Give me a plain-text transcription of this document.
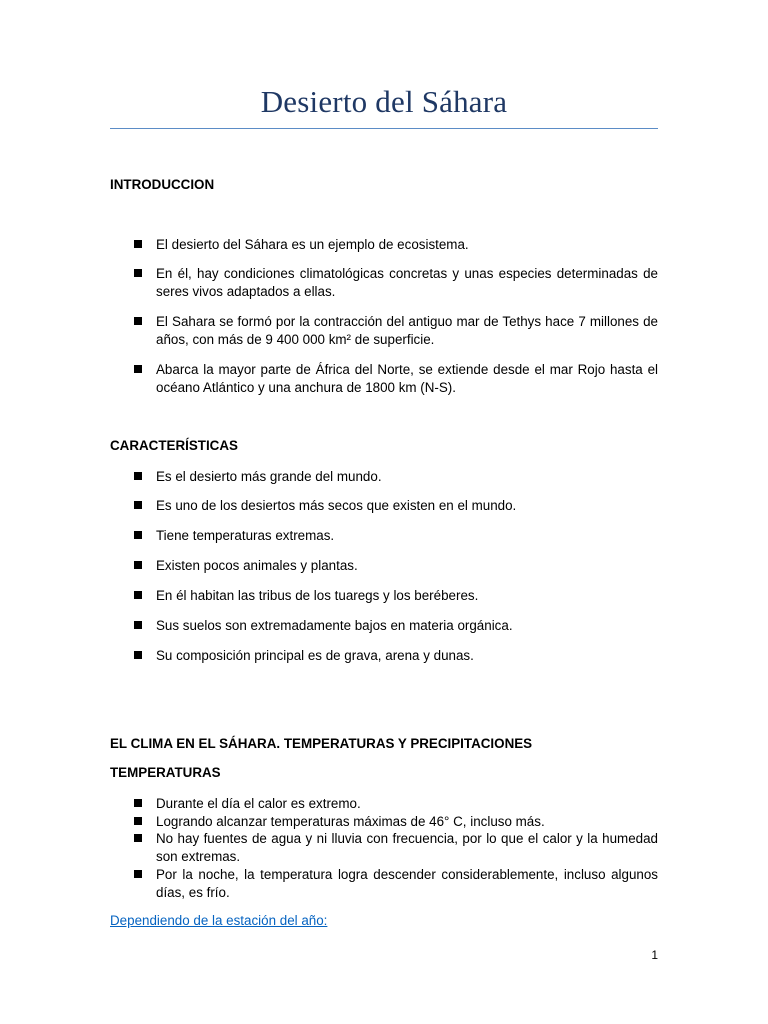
Desierto del Sáhara
INTRODUCCION
El desierto del Sáhara es un ejemplo de ecosistema.
En él, hay condiciones climatológicas concretas y unas especies determinadas de seres vivos adaptados a ellas.
El Sahara se formó por la contracción del antiguo mar de Tethys hace 7 millones de años, con más de 9 400 000 km² de superficie.
Abarca la mayor parte de África del Norte, se extiende desde el mar Rojo hasta el océano Atlántico y una anchura de 1800 km (N-S).
CARACTERÍSTICAS
Es el desierto más grande del mundo.
Es uno de los desiertos más secos que existen en el mundo.
Tiene temperaturas extremas.
Existen pocos animales y plantas.
En él habitan las tribus de los tuaregs y los beréberes.
Sus suelos son extremadamente bajos en materia orgánica.
Su composición principal es de grava, arena y dunas.
EL CLIMA EN EL SÁHARA. TEMPERATURAS Y PRECIPITACIONES
TEMPERATURAS
Durante el día el calor es extremo.
Logrando alcanzar temperaturas máximas de 46° C, incluso más.
No hay fuentes de agua y ni lluvia con frecuencia, por lo que el calor y la humedad son extremas.
Por la noche, la temperatura logra descender considerablemente, incluso algunos días, es frío.
Dependiendo de la estación del año:
1
